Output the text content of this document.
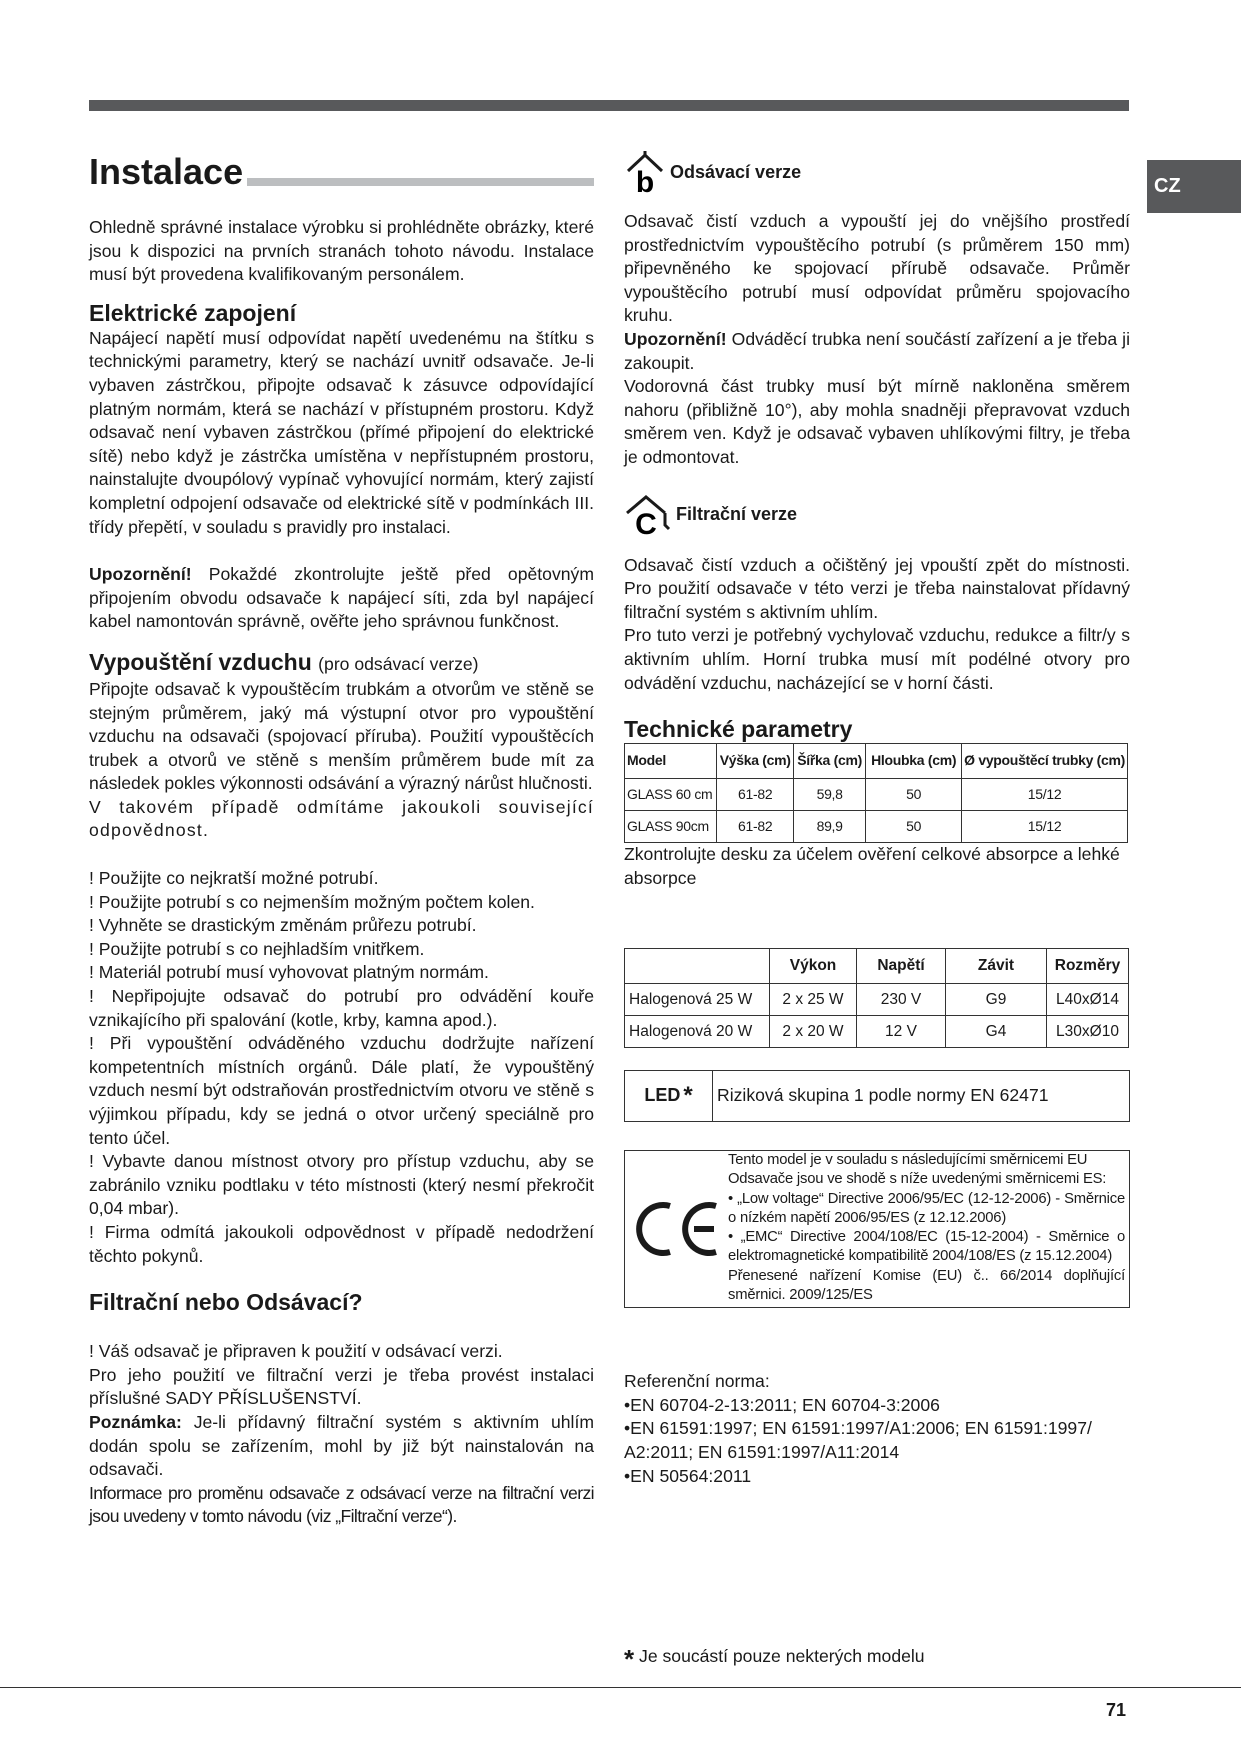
CZ
Instalace

Ohledně správné instalace výrobku si prohlédněte obrázky, které jsou k dispozici na prvních stranách tohoto návodu. Instalace musí být provedena kvalifikovaným personálem.

Elektrické zapojení

Napájecí napětí musí odpovídat napětí uvedenému na štítku s technickými parametry, který se nachází uvnitř odsavače. Je-li vybaven zástrčkou, připojte odsavač k zásuvce odpovídající platným normám, která se nachází v přístupném prostoru. Když odsavač není vybaven zástrčkou (přímé připojení do elektrické sítě) nebo když je zástrčka umístěna v nepřístupném prostoru, nainstalujte dvoupólový vypínač vyhovující normám, který zajistí kompletní odpojení odsavače od elektrické sítě v podmínkách III. třídy přepětí, v souladu s pravidly pro instalaci.

Upozornění! Pokaždé zkontrolujte ještě před opětovným připojením obvodu odsavače k napájecí síti, zda byl napájecí kabel namontován správně, ověřte jeho správnou funkčnost.

Vypouštění vzduchu (pro odsávací verze)

Připojte odsavač k vypouštěcím trubkám a otvorům ve stěně se stejným průměrem, jaký má výstupní otvor pro vypouštění vzduchu na odsavači (spojovací příruba). Použití vypouštěcích trubek a otvorů ve stěně s menším průměrem bude mít za následek pokles výkonnosti odsávání a výrazný nárůst hlučnosti.

V takovém případě odmítáme jakoukoli související odpovědnost.

! Použijte co nejkratší možné potrubí.

! Použijte potrubí s co nejmenším možným počtem kolen.

! Vyhněte se drastickým změnám průřezu potrubí.

! Použijte potrubí s co nejhladším vnitřkem.

! Materiál potrubí musí vyhovovat platným normám.

! Nepřipojujte odsavač do potrubí pro odvádění kouře vznikajícího při spalování (kotle, krby, kamna apod.).

! Při vypouštění odváděného vzduchu dodržujte nařízení kompetentních místních orgánů. Dále platí, že vypouštěný vzduch nesmí být odstraňován prostřednictvím otvoru ve stěně s výjimkou případu, kdy se jedná o otvor určený speciálně pro tento účel.

! Vybavte danou místnost otvory pro přístup vzduchu, aby se zabránilo vzniku podtlaku v této místnosti (který nesmí překročit 0,04 mbar).

! Firma odmítá jakoukoli odpovědnost v případě nedodržení těchto pokynů.

Filtrační nebo Odsávací?

! Váš odsavač je připraven k použití v odsávací verzi.

Pro jeho použití ve filtrační verzi je třeba provést instalaci příslušné SADY PŘÍSLUŠENSTVÍ.

Poznámka: Je-li přídavný filtrační systém s aktivním uhlím dodán spolu se zařízením, mohl by již být nainstalován na odsavači.

Informace pro proměnu odsavače z odsávací verze na filtrační verzi jsou uvedeny v tomto návodu (viz „Filtrační verze“).

b Odsávací verze

Odsavač čistí vzduch a vypouští jej do vnějšího prostředí prostřednictvím vypouštěcího potrubí (s průměrem 150 mm) připevněného ke spojovací přírubě odsavače. Průměr vypouštěcího potrubí musí odpovídat průměru spojovacího kruhu.

Upozornění! Odváděcí trubka není součástí zařízení a je třeba ji zakoupit.

Vodorovná část trubky musí být mírně nakloněna směrem nahoru (přibližně 10°), aby mohla snadněji přepravovat vzduch směrem ven. Když je odsavač vybaven uhlíkovými filtry, je třeba je odmontovat.

C Filtrační verze

Odsavač čistí vzduch a očištěný jej vpouští zpět do místnosti. Pro použití odsavače v této verzi je třeba nainstalovat přídavný filtrační systém s aktivním uhlím.

Pro tuto verzi je potřebný vychylovač vzduchu, redukce a filtr/y s aktivním uhlím. Horní trubka musí mít podélné otvory pro odvádění vzduchu, nacházející se v horní části.

Technické parametry
Model	Výška (cm)	Šířka (cm)	Hloubka (cm)	Ø vypouštěcí trubky (cm)
GLASS 60 cm	61-82	59,8	50	15/12
GLASS 90cm	61-82	89,9	50	15/12

Zkontrolujte desku za účelem ověření celkové absorpce a lehké absorpce

	Výkon	Napětí	Závit	Rozměry
Halogenová 25 W	2 x 25 W	230 V	G9	L40xØ14
Halogenová 20 W	2 x 20 W	12 V	G4	L30xØ10
LED * Riziková skupina 1 podle normy EN 62471
Tento model je v souladu s následujícími směrnicemi EU
Odsavače jsou ve shodě s níže uvedenými směrnicemi ES:
• „Low voltage“ Directive 2006/95/EC (12-12-2006) - Směrnice o nízkém napětí 2006/95/ES (z 12.12.2006)
• „EMC“ Directive 2004/108/EC (15-12-2004) - Směrnice o elektromagnetické kompatibilitě 2004/108/ES (z 15.12.2004)
Přenesené nařízení Komise (EU) č.. 66/2014 doplňující směrnici. 2009/125/ES

Referenční norma:

•EN 60704-2-13:2011; EN 60704-3:2006

•EN 61591:1997; EN 61591:1997/A1:2006; EN 61591:1997/ A2:2011; EN 61591:1997/A11:2014

•EN 50564:2011

* Je soucástí pouze nekterých modelu
71
